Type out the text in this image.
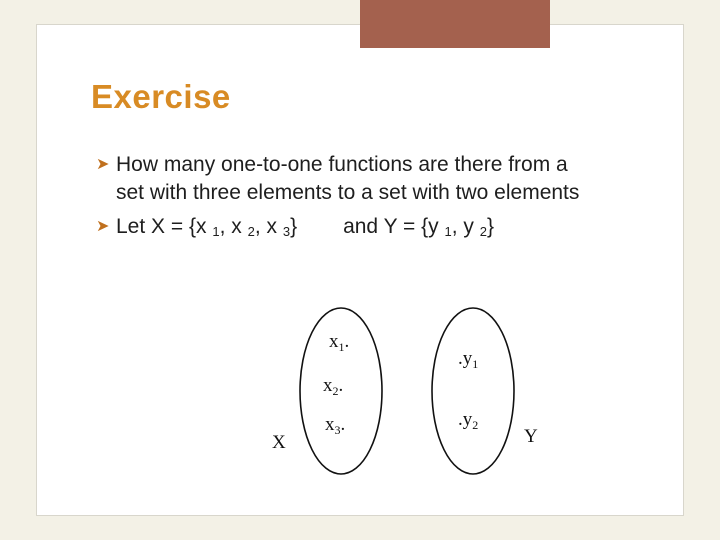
Exercise
➤ How many one-to-one functions are there from a
set with three elements to a set with two elements
➤ Let X = {x $_1$, x $_2$, x $_3$} and Y = {y $_1$, y $_2$}
X	Y
$x_1$.
$x_2$.
$x_3$.
$.y_1$
$.y_2$
